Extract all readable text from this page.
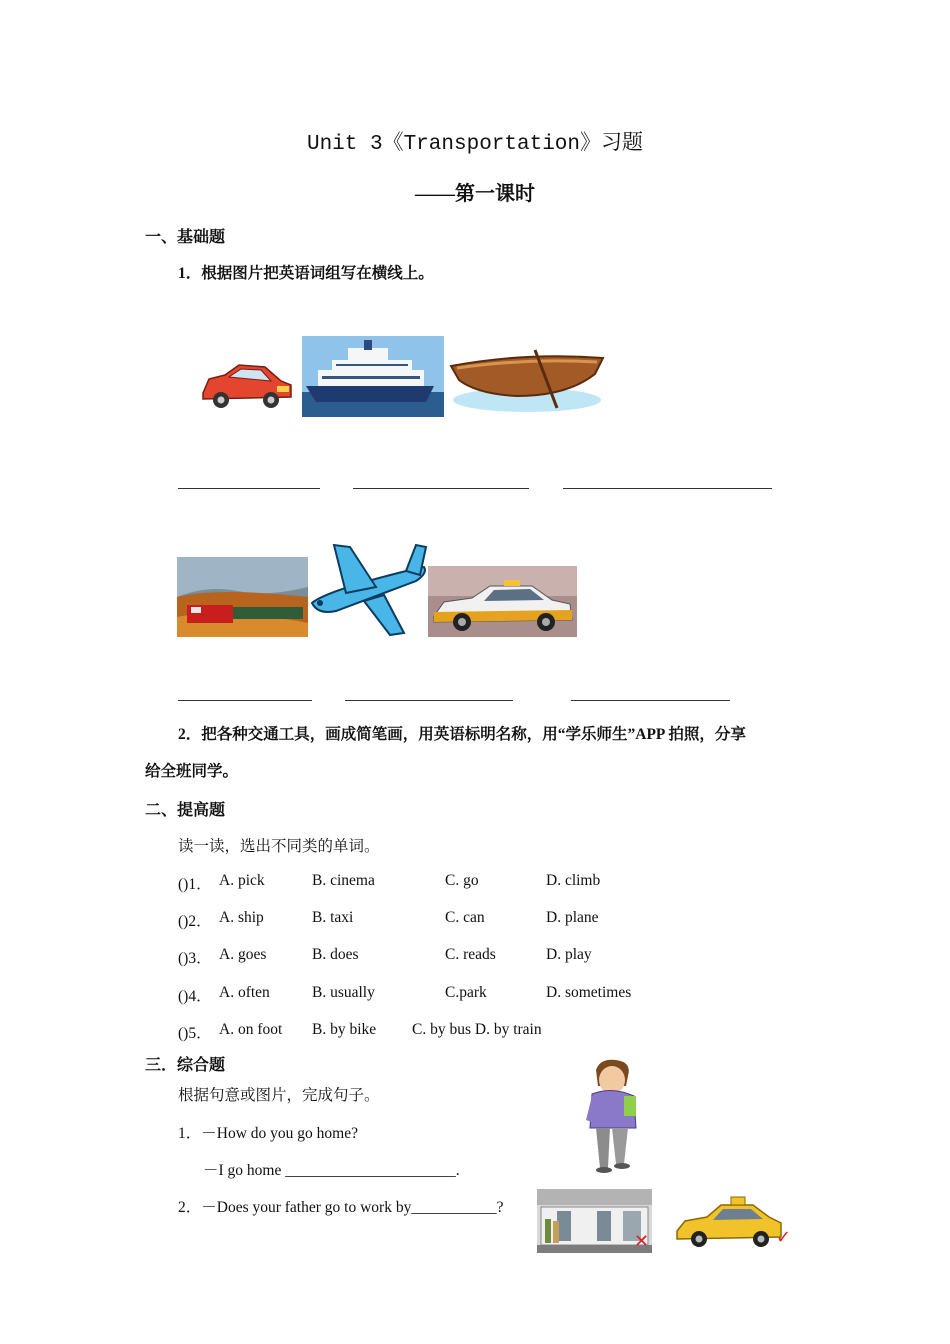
Unit 3《Transportation》习题
——第一课时
一、基础题
1．根据图片把英语词组写在横线上。
2．把各种交通工具，画成简笔画，用英语标明名称，用“学乐师生”APP 拍照，分享
给全班同学。
二、提高题
读一读，选出不同类的单词。
()1． A. pick	B. cinema	C. go	D. climb
()2． A. ship	B. taxi	C. can	D. plane
()3． A. goes	B. does	C. reads	D. play
()4． A. often	B. usually	C.park	D. sometimes
()5． A. on foot B. by bike C. by bus D. by train
三．综合题
根据句意或图片，完成句子。
1．－How do you go home?
－I go home ______________________.
2．－Does your father go to work by___________?
✕	✓
